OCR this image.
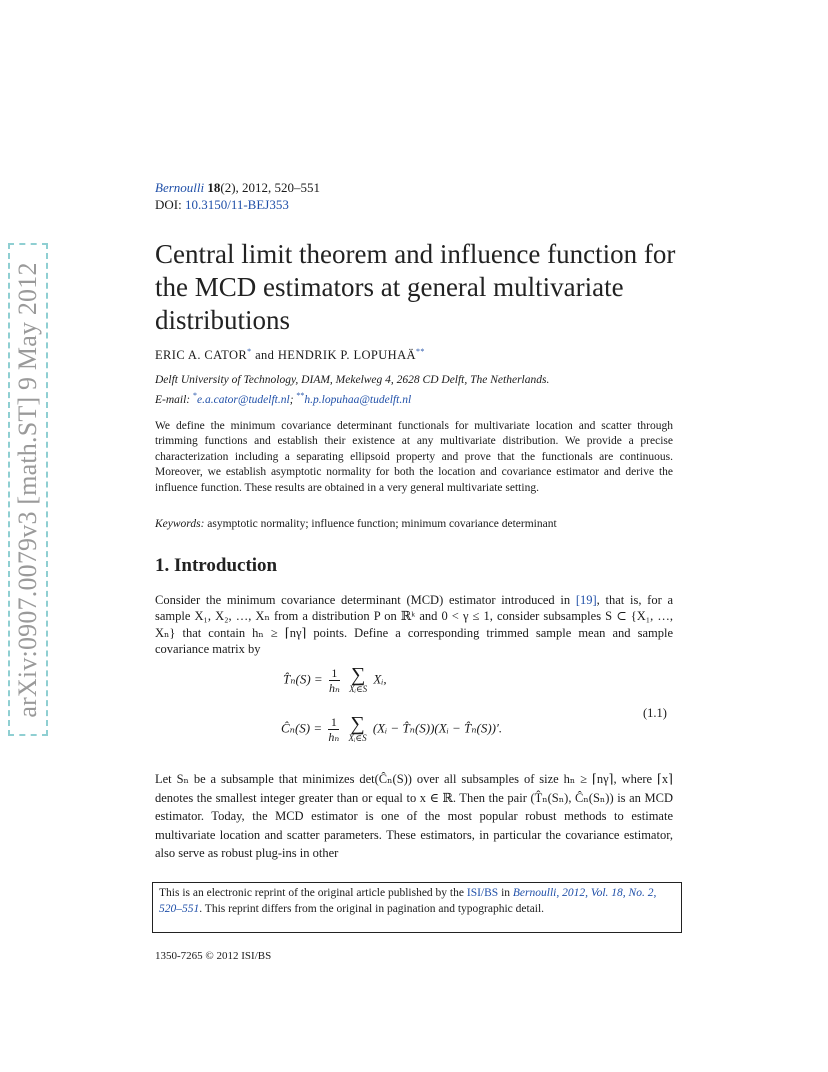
arXiv:0907.0079v3 [math.ST] 9 May 2012
Bernoulli 18(2), 2012, 520–551
DOI: 10.3150/11-BEJ353
Central limit theorem and influence function for the MCD estimators at general multivariate distributions
ERIC A. CATOR* and HENDRIK P. LOPUHAÄ**
Delft University of Technology, DIAM, Mekelweg 4, 2628 CD Delft, The Netherlands.
E-mail: *e.a.cator@tudelft.nl; **h.p.lopuhaa@tudelft.nl
We define the minimum covariance determinant functionals for multivariate location and scatter through trimming functions and establish their existence at any multivariate distribution. We provide a precise characterization including a separating ellipsoid property and prove that the functionals are continuous. Moreover, we establish asymptotic normality for both the location and covariance estimator and derive the influence function. These results are obtained in a very general multivariate setting.
Keywords: asymptotic normality; influence function; minimum covariance determinant
1. Introduction
Consider the minimum covariance determinant (MCD) estimator introduced in [19], that is, for a sample X₁, X₂, …, Xₙ from a distribution P on ℝᵏ and 0 < γ ≤ 1, consider subsamples S ⊂ {X₁, …, Xₙ} that contain hₙ ≥ ⌈nγ⌉ points. Define a corresponding trimmed sample mean and sample covariance matrix by
T̂ₙ(S) = $\frac{1}{\text{hₙ}}$
∑
Xᵢ∈S
Xᵢ,
Ĉₙ(S) = $\frac{1}{\text{hₙ}}$
∑
Xᵢ∈S
(Xᵢ − T̂ₙ(S))(Xᵢ − T̂ₙ(S))′.
(1.1)
Let Sₙ be a subsample that minimizes det(Ĉₙ(S)) over all subsamples of size hₙ ≥ ⌈nγ⌉, where ⌈x⌉ denotes the smallest integer greater than or equal to x ∈ ℝ. Then the pair (T̂ₙ(Sₙ), Ĉₙ(Sₙ)) is an MCD estimator. Today, the MCD estimator is one of the most popular robust methods to estimate multivariate location and scatter parameters. These estimators, in particular the covariance estimator, also serve as robust plug-ins in other
This is an electronic reprint of the original article published by the ISI/BS in Bernoulli, 2012, Vol. 18, No. 2, 520–551. This reprint differs from the original in pagination and typographic detail.
1350-7265 © 2012 ISI/BS
